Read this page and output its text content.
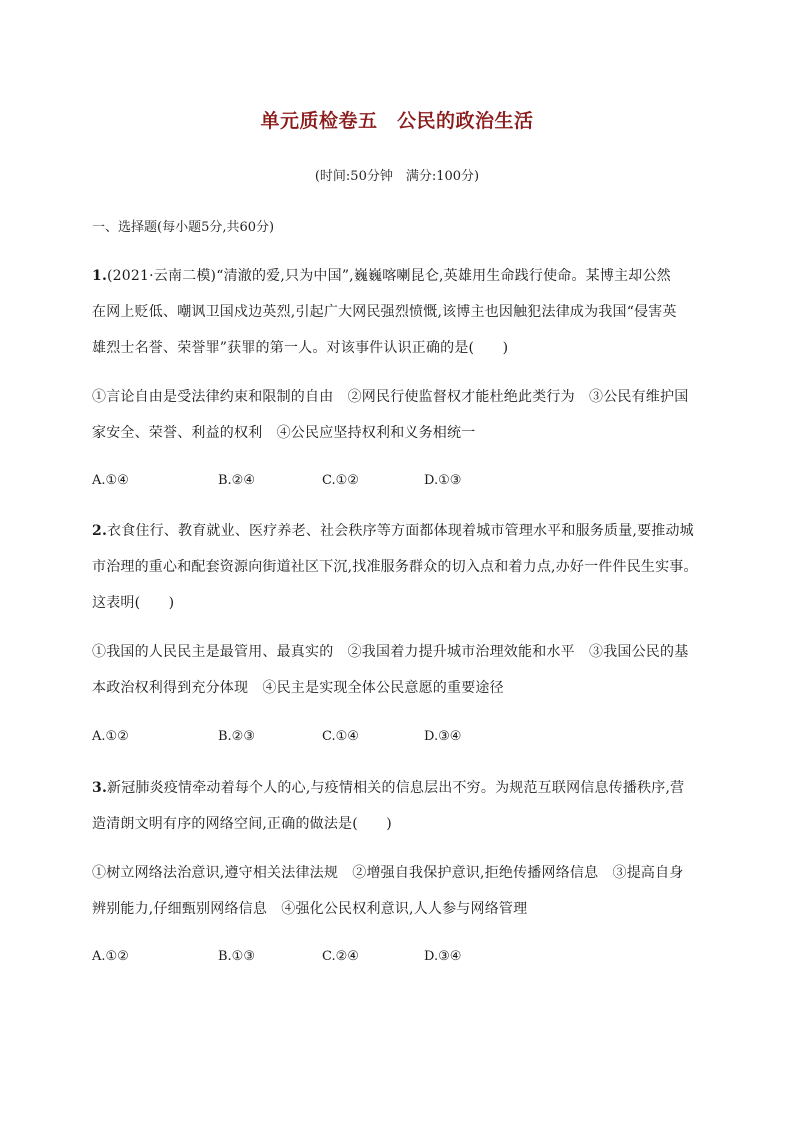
单元质检卷五　公民的政治生活
(时间:50分钟　满分:100分)
一、选择题(每小题5分,共60分)
1.(2021·云南二模)“清澈的爱,只为中国”,巍巍喀喇昆仑,英雄用生命践行使命。某博主却公然
在网上贬低、嘲讽卫国戍边英烈,引起广大网民强烈愤慨,该博主也因触犯法律成为我国“侵害英
雄烈士名誉、荣誉罪”获罪的第一人。对该事件认识正确的是(　　)
①言论自由是受法律约束和限制的自由　②网民行使监督权才能杜绝此类行为　③公民有维护国
家安全、荣誉、利益的权利　④公民应坚持权利和义务相统一
A.①④	B.②④	C.①②	D.①③
2.衣食住行、教育就业、医疗养老、社会秩序等方面都体现着城市管理水平和服务质量,要推动城
市治理的重心和配套资源向街道社区下沉,找准服务群众的切入点和着力点,办好一件件民生实事。
这表明(　　)
①我国的人民民主是最管用、最真实的　②我国着力提升城市治理效能和水平　③我国公民的基
本政治权利得到充分体现　④民主是实现全体公民意愿的重要途径
A.①②	B.②③	C.①④	D.③④
3.新冠肺炎疫情牵动着每个人的心,与疫情相关的信息层出不穷。为规范互联网信息传播秩序,营
造清朗文明有序的网络空间,正确的做法是(　　)
①树立网络法治意识,遵守相关法律法规　②增强自我保护意识,拒绝传播网络信息　③提高自身
辨别能力,仔细甄别网络信息　④强化公民权利意识,人人参与网络管理
A.①②	B.①③	C.②④	D.③④
